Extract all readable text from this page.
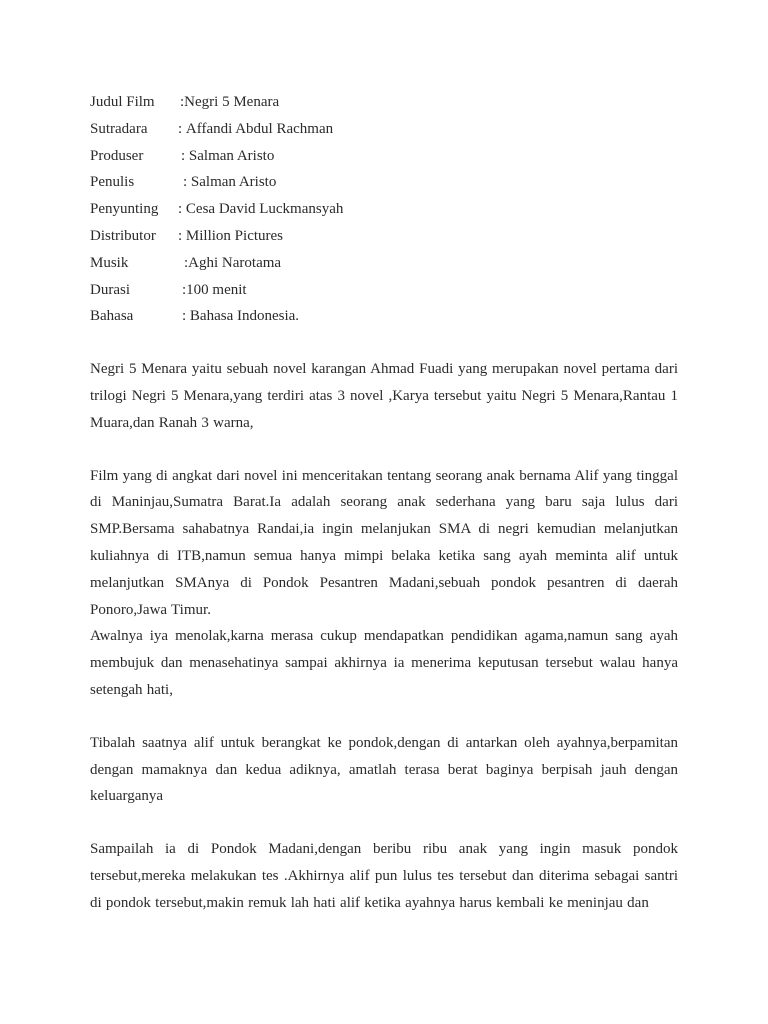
Judul Film	: Negri 5 Menara
Sutradara	: Affandi Abdul Rachman
Produser	: Salman Aristo
Penulis	: Salman Aristo
Penyunting	: Cesa David Luckmansyah
Distributor	: Million Pictures
Musik	: Aghi Narotama
Durasi	: 100 menit
Bahasa	: Bahasa Indonesia.

Negri 5 Menara yaitu sebuah novel karangan Ahmad Fuadi yang merupakan novel pertama dari trilogi Negri 5 Menara,yang terdiri atas 3 novel ,Karya tersebut yaitu Negri 5 Menara,Rantau 1 Muara,dan Ranah 3 warna,

Film yang di angkat dari novel ini menceritakan tentang seorang anak bernama Alif yang tinggal di Maninjau,Sumatra Barat.Ia adalah seorang anak sederhana yang baru saja lulus dari SMP.Bersama sahabatnya Randai,ia ingin melanjukan SMA di negri kemudian melanjutkan kuliahnya di ITB,namun semua hanya mimpi belaka ketika sang ayah meminta alif untuk melanjutkan SMAnya di Pondok Pesantren Madani,sebuah pondok pesantren di daerah Ponoro,Jawa Timur.

Awalnya iya menolak,karna merasa cukup mendapatkan pendidikan agama,namun sang ayah membujuk dan menasehatinya sampai akhirnya ia menerima keputusan tersebut walau hanya setengah hati,

Tibalah saatnya alif untuk berangkat ke pondok,dengan di antarkan oleh ayahnya,berpamitan dengan mamaknya dan kedua adiknya, amatlah terasa berat baginya berpisah jauh dengan keluarganya

Sampailah ia di Pondok Madani,dengan beribu ribu anak yang ingin masuk pondok tersebut,mereka melakukan tes .Akhirnya alif pun lulus tes tersebut dan diterima sebagai santri di pondok tersebut,makin remuk lah hati alif ketika ayahnya harus kembali ke meninjau dan
